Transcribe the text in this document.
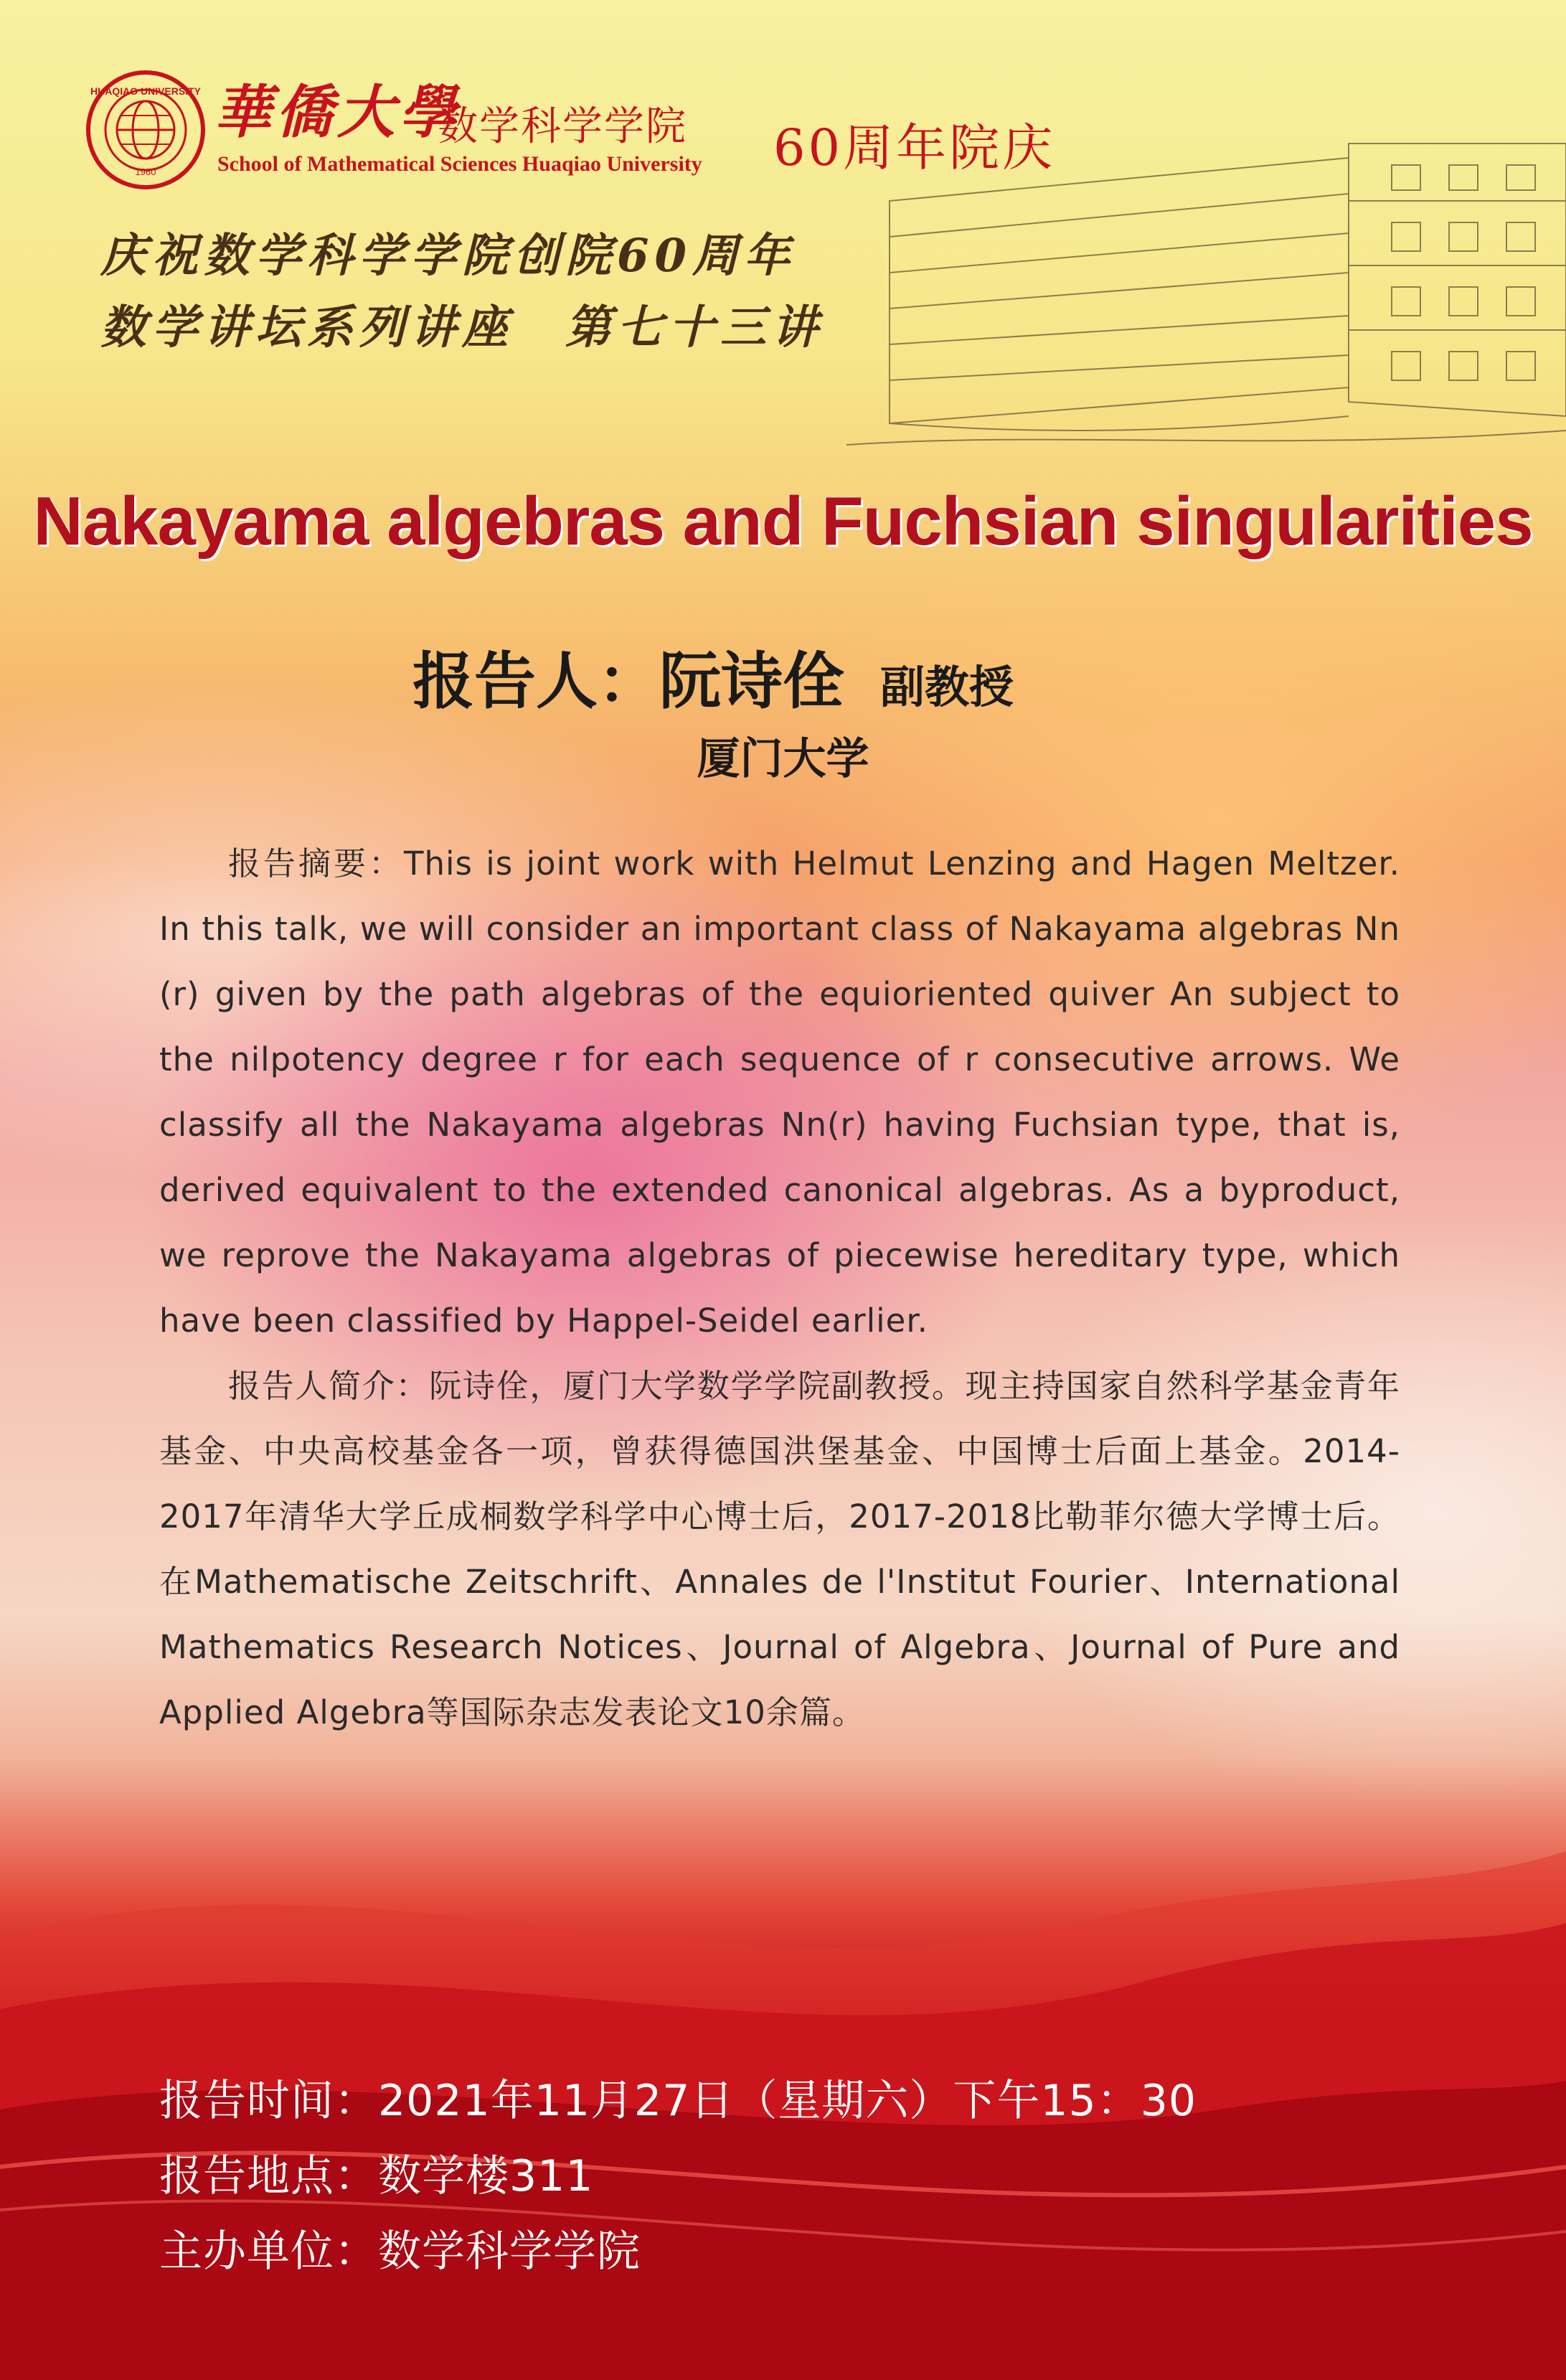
HUAQIAO UNIVERSITY
1960
華僑大學
数学科学学院
School of Mathematical Sciences Huaqiao University 60周年院庆
庆祝数学科学学院创院60周年
数学讲坛系列讲座　第七十三讲
Nakayama algebras and Fuchsian singularities
报告人：阮诗佺 副教授
厦门大学

报告摘要：This is joint work with Helmut Lenzing and Hagen Meltzer. In this talk, we will consider an important class of Nakayama algebras Nn (r) given by the path algebras of the equioriented quiver An subject to the nilpotency degree r for each sequence of r consecutive arrows. We classify all the Nakayama algebras Nn(r) having Fuchsian type, that is, derived equivalent to the extended canonical algebras. As a byproduct, we reprove the Nakayama algebras of piecewise hereditary type, which have been classified by Happel-Seidel earlier.

报告人简介：阮诗佺，厦门大学数学学院副教授。现主持国家自然科学基金青年基金、中央高校基金各一项，曾获得德国洪堡基金、中国博士后面上基金。2014-2017年清华大学丘成桐数学科学中心博士后，2017-2018比勒菲尔德大学博士后。在Mathematische Zeitschrift、Annales de l'Institut Fourier、International Mathematics Research Notices、Journal of Algebra、Journal of Pure and Applied Algebra等国际杂志发表论文10余篇。

报告时间：2021年11月27日（星期六）下午15：30
报告地点：数学楼311
主办单位：数学科学学院
